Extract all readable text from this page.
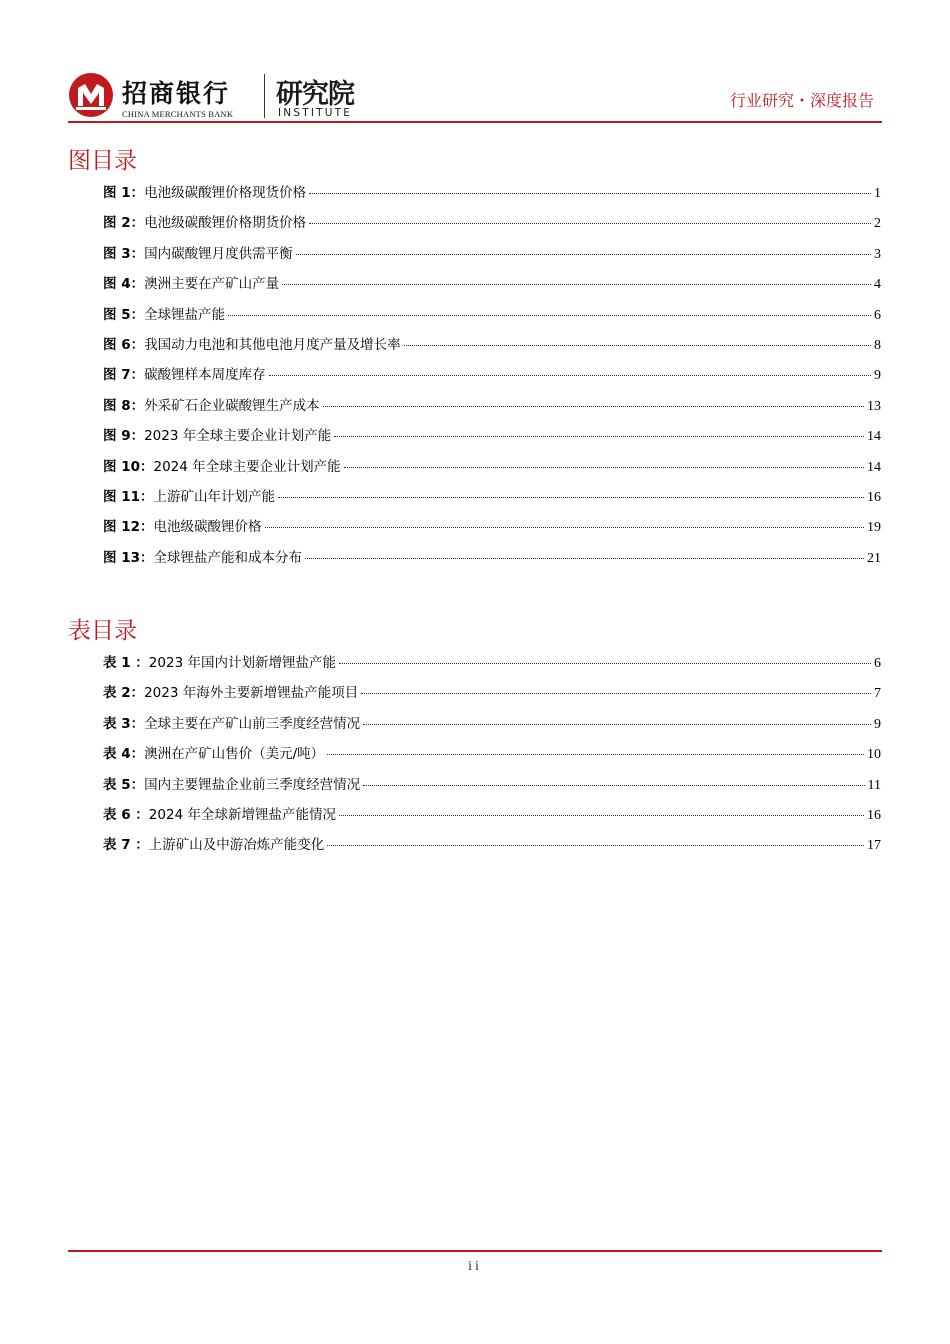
招商银行
CHINA MERCHANTS BANK
研究院
INSTITUTE
行业研究・深度报告
图目录
图 1： 电池级碳酸锂价格现货价格	1
图 2： 电池级碳酸锂价格期货价格	2
图 3： 国内碳酸锂月度供需平衡	3
图 4： 澳洲主要在产矿山产量	4
图 5： 全球锂盐产能	6
图 6： 我国动力电池和其他电池月度产量及增长率	8
图 7： 碳酸锂样本周度库存	9
图 8： 外采矿石企业碳酸锂生产成本	13
图 9： 2023 年全球主要企业计划产能	14
图 10： 2024 年全球主要企业计划产能	14
图 11： 上游矿山年计划产能	16
图 12： 电池级碳酸锂价格	19
图 13： 全球锂盐产能和成本分布	21
表目录
表 1 ： 2023 年国内计划新增锂盐产能	6
表 2： 2023 年海外主要新增锂盐产能项目	7
表 3： 全球主要在产矿山前三季度经营情况	9
表 4： 澳洲在产矿山售价（美元/吨）	10
表 5： 国内主要锂盐企业前三季度经营情况	11
表 6 ： 2024 年全球新增锂盐产能情况	16
表 7 ： 上游矿山及中游冶炼产能变化	17
ii
